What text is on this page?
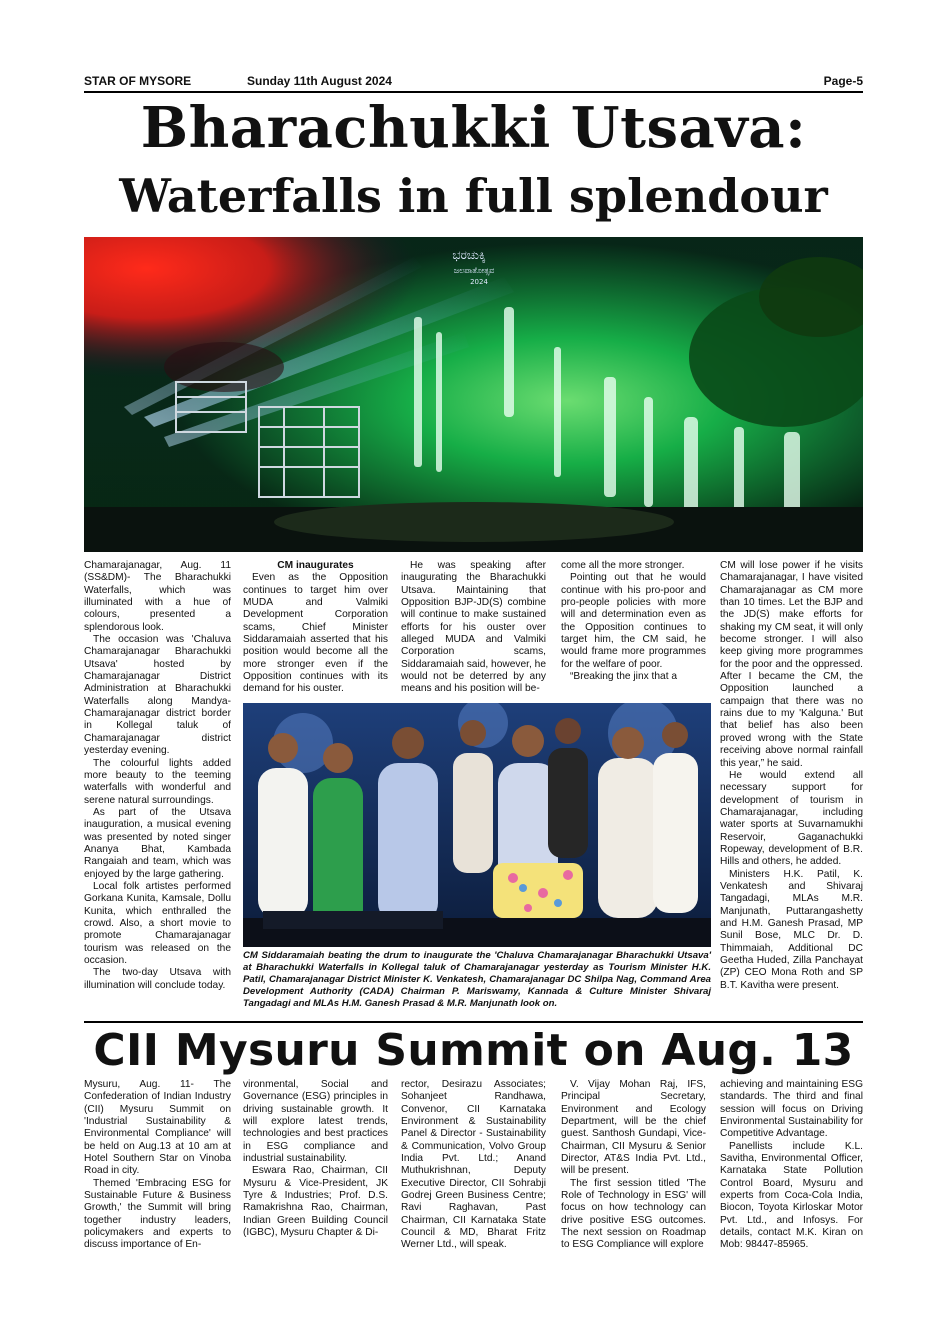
STAR OF MYSORE	Sunday 11th August 2024	Page-5
Bharachukki Utsava:
Waterfalls in full splendour
ಭರಚುಕ್ಕಿ
ಜಲಪಾತೋತ್ಸವ
2024

Chamarajanagar, Aug. 11 (SS&DM)- The Bharachukki Waterfalls, which was illuminated with a hue of colours, presented a splendorous look.

The occasion was 'Chaluva Chamarajanagar Bharachukki Utsava' hosted by Chamarajanagar District Administration at Bharachukki Waterfalls along Mandya-Chamarajanagar district border in Kollegal taluk of Chamarajanagar district yesterday evening.

The colourful lights added more beauty to the teeming waterfalls with wonderful and serene natural surroundings.

As part of the Utsava inauguration, a musical evening was presented by noted singer Ananya Bhat, Kambada Rangaiah and team, which was enjoyed by the large gathering.

Local folk artistes performed Gorkana Kunita, Kamsale, Dollu Kunita, which enthralled the crowd. Also, a short movie to promote Chamarajanagar tourism was released on the occasion.

The two-day Utsava with illumination will conclude today.

CM inaugurates

Even as the Opposition continues to target him over MUDA and Valmiki Development Corporation scams, Chief Minister Siddaramaiah asserted that his position would become all the more stronger even if the Opposition continues with its demand for his ouster.

He was speaking after inaugurating the Bharachukki Utsava. Maintaining that Opposition BJP-JD(S) combine will continue to make sustained efforts for his ouster over alleged MUDA and Valmiki Corporation scams, Siddaramaiah said, however, he would not be deterred by any means and his position will be-

come all the more stronger.

Pointing out that he would continue with his pro-poor and pro-people policies with more will and determination even as the Opposition continues to target him, the CM said, he would frame more programmes for the welfare of poor.

“Breaking the jinx that a

CM will lose power if he visits Chamarajanagar, I have visited Chamarajanagar as CM more than 10 times. Let the BJP and the JD(S) make efforts for shaking my CM seat, it will only become stronger. I will also keep giving more programmes for the poor and the oppressed. After I became the CM, the Opposition launched a campaign that there was no rains due to my 'Kalguna.' But that belief has also been proved wrong with the State receiving above normal rainfall this year,” he said.

He would extend all necessary support for development of tourism in Chamarajanagar, including water sports at Suvarnamukhi Reservoir, Gaganachukki Ropeway, development of B.R. Hills and others, he added.

Ministers H.K. Patil, K. Venkatesh and Shivaraj Tangadagi, MLAs M.R. Manjunath, Puttarangashetty and H.M. Ganesh Prasad, MP Sunil Bose, MLC Dr. D. Thimmaiah, Additional DC Geetha Huded, Zilla Panchayat (ZP) CEO Mona Roth and SP B.T. Kavitha were present.

CM Siddaramaiah beating the drum to inaugurate the 'Chaluva Chamarajanagar Bharachukki Utsava' at Bharachukki Waterfalls in Kollegal taluk of Chamarajanagar yesterday as Tourism Minister H.K. Patil, Chamarajanagar District Minister K. Venkatesh, Chamarajanagar DC Shilpa Nag, Command Area Development Authority (CADA) Chairman P. Mariswamy, Kannada & Culture Minister Shivaraj Tangadagi and MLAs H.M. Ganesh Prasad & M.R. Manjunath look on.
CII Mysuru Summit on Aug. 13

Mysuru, Aug. 11- The Confederation of Indian Industry (CII) Mysuru Summit on 'Industrial Sustainability & Environmental Compliance' will be held on Aug.13 at 10 am at Hotel Southern Star on Vinoba Road in city.

Themed 'Embracing ESG for Sustainable Future & Business Growth,' the Summit will bring together industry leaders, policymakers and experts to discuss importance of En-

vironmental, Social and Governance (ESG) principles in driving sustainable growth. It will explore latest trends, technologies and best practices in ESG compliance and industrial sustainability.

Eswara Rao, Chairman, CII Mysuru & Vice-President, JK Tyre & Industries; Prof. D.S. Ramakrishna Rao, Chairman, Indian Green Building Council (IGBC), Mysuru Chapter & Di-

rector, Desirazu Associates; Sohanjeet Randhawa, Convenor, CII Karnataka Environment & Sustainability Panel & Director - Sustainability & Communication, Volvo Group India Pvt. Ltd.; Anand Muthukrishnan, Deputy Executive Director, CII Sohrabji Godrej Green Business Centre; Ravi Raghavan, Past Chairman, CII Karnataka State Council & MD, Bharat Fritz Werner Ltd., will speak.

V. Vijay Mohan Raj, IFS, Principal Secretary, Environment and Ecology Department, will be the chief guest. Santhosh Gundapi, Vice-Chairman, CII Mysuru & Senior Director, AT&S India Pvt. Ltd., will be present.

The first session titled 'The Role of Technology in ESG' will focus on how technology can drive positive ESG outcomes. The next session on Roadmap to ESG Compliance will explore

achieving and maintaining ESG standards. The third and final session will focus on Driving Environmental Sustainability for Competitive Advantage.

Panellists include K.L. Savitha, Environmental Officer, Karnataka State Pollution Control Board, Mysuru and experts from Coca-Cola India, Biocon, Toyota Kirloskar Motor Pvt. Ltd., and Infosys. For details, contact M.K. Kiran on Mob: 98447-85965.
